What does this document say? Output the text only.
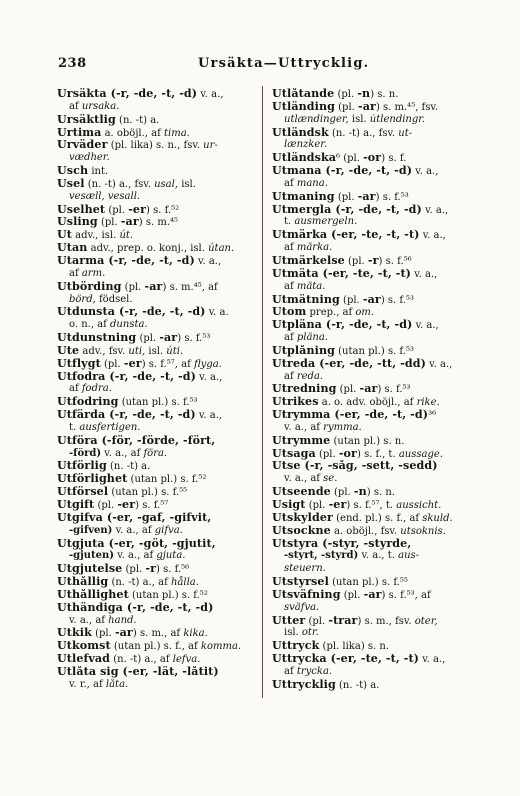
238	Ursäkta—Uttrycklig.
Ursäkta (-r, -de, -t, -d) v. a.,
af ursaka.
Ursäktlig (n. -t) a.
Urtima a. oböjl., af tima.
Urväder (pl. lika) s. n., fsv. ur-
vædher.
Usch int.
Usel (n. -t) a., fsv. usal, isl.
vesæll, vesall.
Uselhet (pl. -er) s. f.⁵²
Usling (pl. -ar) s. m.⁴⁵
Ut adv., isl. út.
Utan adv., prep. o. konj., isl. útan.
Utarma (-r, -de, -t, -d) v. a.,
af arm.
Utbörding (pl. -ar) s. m.⁴⁵, af
börd, födsel.
Utdunsta (-r, -de, -t, -d) v. a.
o. n., af dunsta.
Utdunstning (pl. -ar) s. f.⁵³
Ute adv., fsv. uti, isl. úti.
Utflygt (pl. -er) s. f.⁵⁷, af flyga.
Utfodra (-r, -de, -t, -d) v. a.,
af fodra.
Utfodring (utan pl.) s. f.⁵³
Utfärda (-r, -de, -t, -d) v. a.,
t. ausfertigen.
Utföra (-för, -förde, -fört,
-förd) v. a., af föra.
Utförlig (n. -t) a.
Utförlighet (utan pl.) s. f.⁵²
Utförsel (utan pl.) s. f.⁵⁵
Utgift (pl. -er) s. f.⁵⁷
Utgifva (-er, -gaf, -gifvit,
-gifven) v. a., af gifva.
Utgjuta (-er, -göt, -gjutit,
-gjuten) v. a., af gjuta.
Utgjutelse (pl. -r) s. f.⁵⁶
Uthållig (n. -t) a., af hålla.
Uthållighet (utan pl.) s. f.⁵²
Uthändiga (-r, -de, -t, -d)
v. a., af hand.
Utkik (pl. -ar) s. m., af kika.
Utkomst (utan pl.) s. f., af komma.
Utlefvad (n. -t) a., af lefva.
Utlåta sig (-er, -lät, -låtit)
v. r., af låta.
Utlåtande (pl. -n) s. n.
Utländing (pl. -ar) s. m.⁴⁵, fsv.
utlændinger, isl. útlendingr.
Utländsk (n. -t) a., fsv. ut-
lænzker.
Utländska⁶ (pl. -or) s. f.
Utmana (-r, -de, -t, -d) v. a.,
af mana.
Utmaning (pl. -ar) s. f.⁵³
Utmergla (-r, -de, -t, -d) v. a.,
t. ausmergeln.
Utmärka (-er, -te, -t, -t) v. a.,
af märka.
Utmärkelse (pl. -r) s. f.⁵⁶
Utmäta (-er, -te, -t, -t) v. a.,
af mäta.
Utmätning (pl. -ar) s. f.⁵³
Utom prep., af om.
Utpläna (-r, -de, -t, -d) v. a.,
af pläna.
Utplåning (utan pl.) s. f.⁵³
Utreda (-er, -de, -tt, -dd) v. a.,
af reda.
Utredning (pl. -ar) s. f.⁵³
Utrikes a. o. adv. oböjl., af rike.
Utrymma (-er, -de, -t, -d)³⁶
v. a., af rymma.
Utrymme (utan pl.) s. n.
Utsaga (pl. -or) s. f., t. aussage.
Utse (-r, -såg, -sett, -sedd)
v. a., af se.
Utseende (pl. -n) s. n.
Usigt (pl. -er) s. f.⁵⁷, t. aussicht.
Utskylder (end. pl.) s. f., af skuld.
Utsockne a. oböjl., fsv. utsoknis.
Utstyra (-styr, -styrde,
-styrt, -styrd) v. a., t. aus-
steuern.
Utstyrsel (utan pl.) s. f.⁵⁵
Utsväfning (pl. -ar) s. f.⁵³, af
sväfva.
Utter (pl. -trar) s. m., fsv. oter,
isl. otr.
Uttryck (pl. lika) s. n.
Uttrycka (-er, -te, -t, -t) v. a.,
af trycka.
Uttrycklig (n. -t) a.
